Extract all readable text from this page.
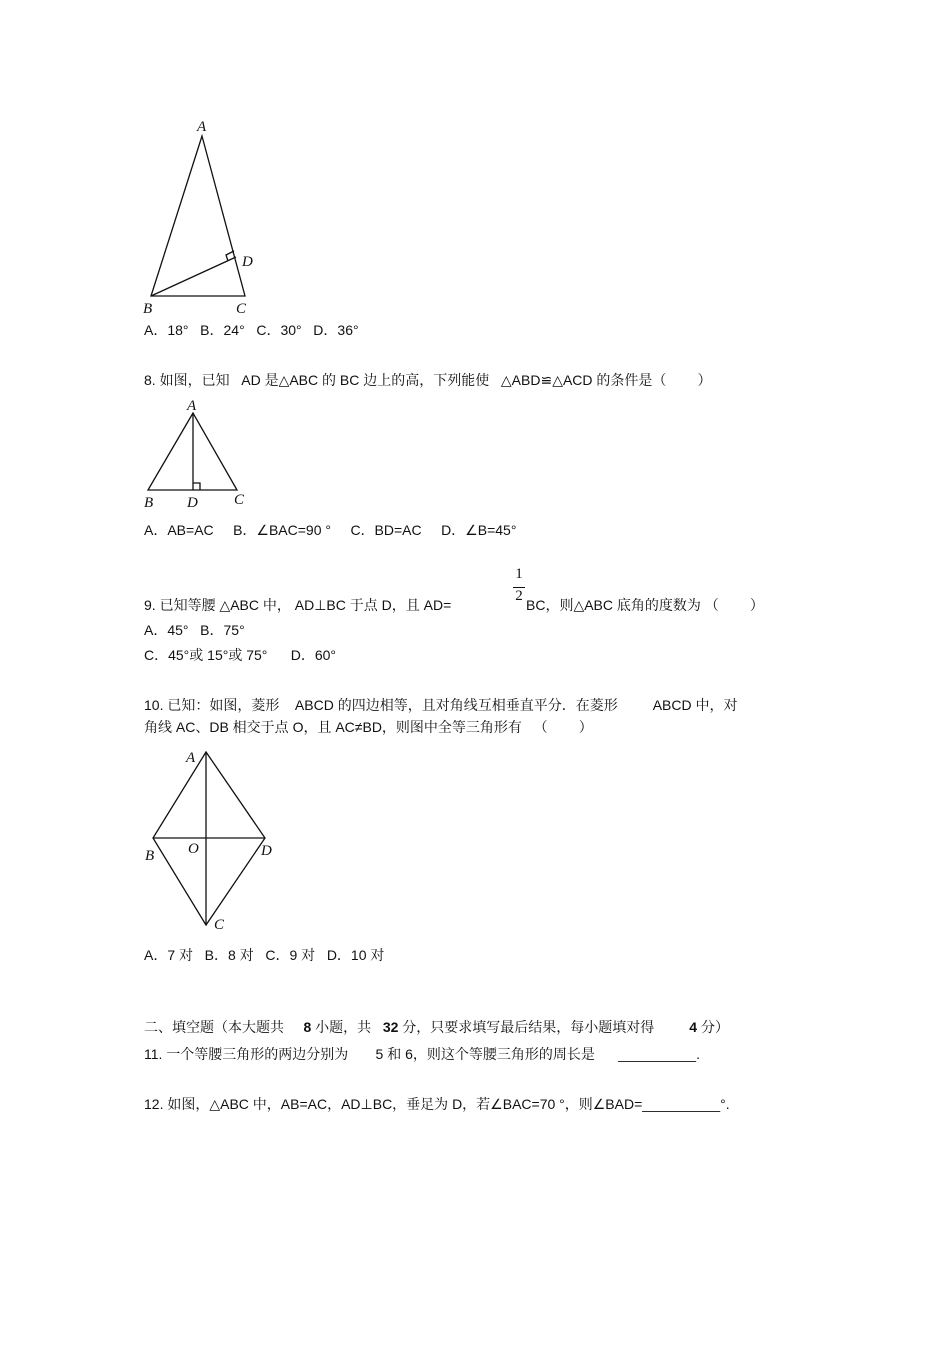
A
B	C
D
A．18°   B．24°   C．30°   D．36°
8. 如图，已知   AD 是△ABC 的 BC 边上的高，下列能使   △ABD≌△ACD 的条件是（        ）
A
B D C
A．AB=AC     B．∠BAC=90 °     C．BD=AC     D．∠B=45°
9. 已知等腰 △ABC 中， AD⊥BC 于点 D，且 AD=
1
2
BC，则△ABC 底角的度数为 （        ）
A．45°   B．75°
C．45°或 15°或 75°      D．60°
10. 已知：如图，菱形    ABCD 的四边相等，且对角线互相垂直平分．在菱形         ABCD 中，对
角线 AC、DB 相交于点 O，且 AC≠BD，则图中全等三角形有   （        ）
A
B O	D
C
A．7 对   B．8 对   C．9 对   D．10 对
二、填空题（本大题共     8 小题，共   32 分，只要求填写最后结果，每小题填对得         4 分）
11. 一个等腰三角形的两边分别为       5 和 6，则这个等腰三角形的周长是      __________.
12. 如图，△ABC 中，AB=AC，AD⊥BC，垂足为 D，若∠BAC=70 °，则∠BAD=__________°.
